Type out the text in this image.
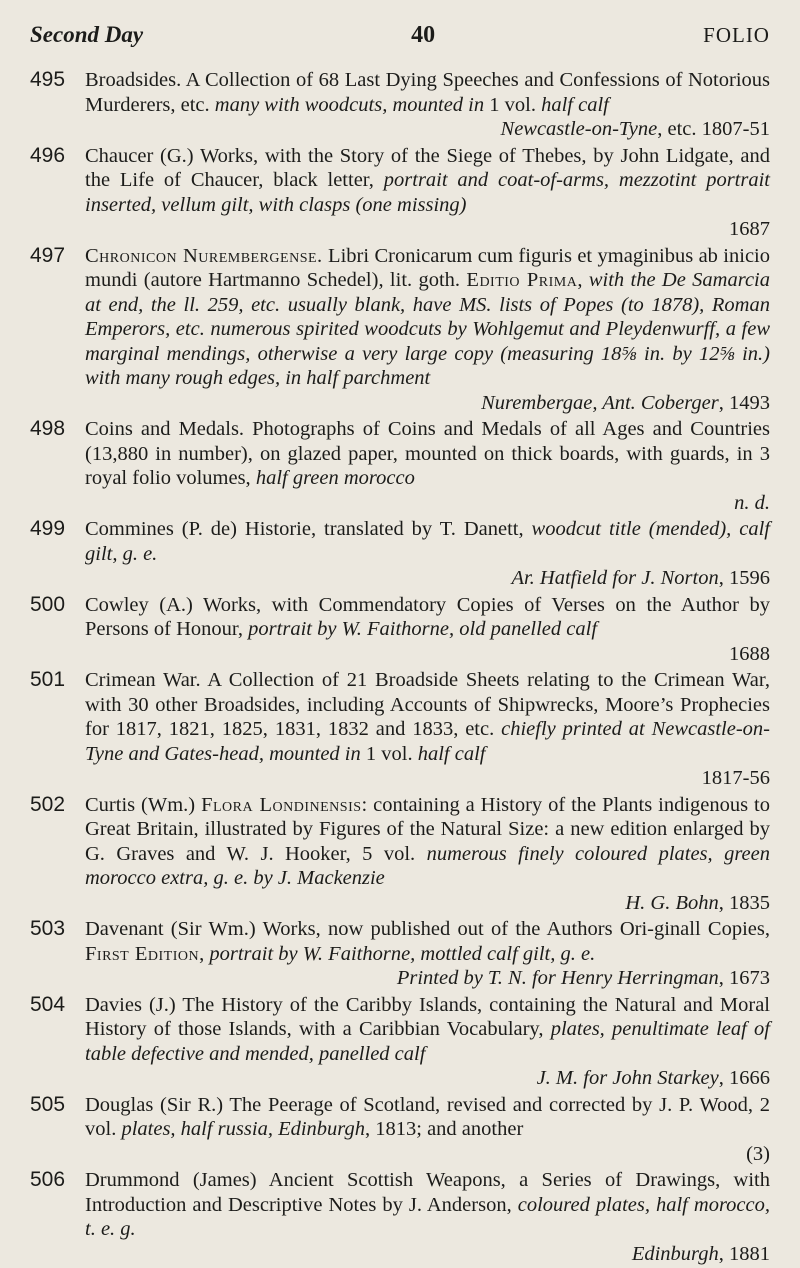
Second Day	40	FOLIO
495 Broadsides. A Collection of 68 Last Dying Speeches and Confessions of Notorious Murderers, etc. many with woodcuts, mounted in 1 vol. half calf
Newcastle-on-Tyne, etc. 1807-51
496 Chaucer (G.) Works, with the Story of the Siege of Thebes, by John Lidgate, and the Life of Chaucer, black letter, portrait and coat-of-arms, mezzotint portrait inserted, vellum gilt, with clasps (one missing)
1687
497 Chronicon Nurembergense. Libri Cronicarum cum figuris et ymaginibus ab inicio mundi (autore Hartmanno Schedel), lit. goth. Editio Prima, with the De Samarcia at end, the ll. 259, etc. usually blank, have MS. lists of Popes (to 1878), Roman Emperors, etc. numerous spirited woodcuts by Wohlgemut and Pleydenwurff, a few marginal mendings, otherwise a very large copy (measuring 18⅝ in. by 12⅝ in.) with many rough edges, in half parchment
Nurembergae, Ant. Coberger, 1493
498 Coins and Medals. Photographs of Coins and Medals of all Ages and Countries (13,880 in number), on glazed paper, mounted on thick boards, with guards, in 3 royal folio volumes, half green morocco
n. d.
499 Commines (P. de) Historie, translated by T. Danett, woodcut title (mended), calf gilt, g. e.
Ar. Hatfield for J. Norton, 1596
500 Cowley (A.) Works, with Commendatory Copies of Verses on the Author by Persons of Honour, portrait by W. Faithorne, old panelled calf
1688
501 Crimean War. A Collection of 21 Broadside Sheets relating to the Crimean War, with 30 other Broadsides, including Accounts of Shipwrecks, Moore’s Prophecies for 1817, 1821, 1825, 1831, 1832 and 1833, etc. chiefly printed at Newcastle-on-Tyne and Gates-head, mounted in 1 vol. half calf
1817-56
502 Curtis (Wm.) Flora Londinensis: containing a History of the Plants indigenous to Great Britain, illustrated by Figures of the Natural Size: a new edition enlarged by G. Graves and W. J. Hooker, 5 vol. numerous finely coloured plates, green morocco extra, g. e. by J. Mackenzie
H. G. Bohn, 1835
503 Davenant (Sir Wm.) Works, now published out of the Authors Ori-ginall Copies, First Edition, portrait by W. Faithorne, mottled calf gilt, g. e.
Printed by T. N. for Henry Herringman, 1673
504 Davies (J.) The History of the Caribby Islands, containing the Natural and Moral History of those Islands, with a Caribbian Vocabulary, plates, penultimate leaf of table defective and mended, panelled calf
J. M. for John Starkey, 1666
505 Douglas (Sir R.) The Peerage of Scotland, revised and corrected by J. P. Wood, 2 vol. plates, half russia, Edinburgh, 1813; and another
(3)
506 Drummond (James) Ancient Scottish Weapons, a Series of Drawings, with Introduction and Descriptive Notes by J. Anderson, coloured plates, half morocco, t. e. g.
Edinburgh, 1881
